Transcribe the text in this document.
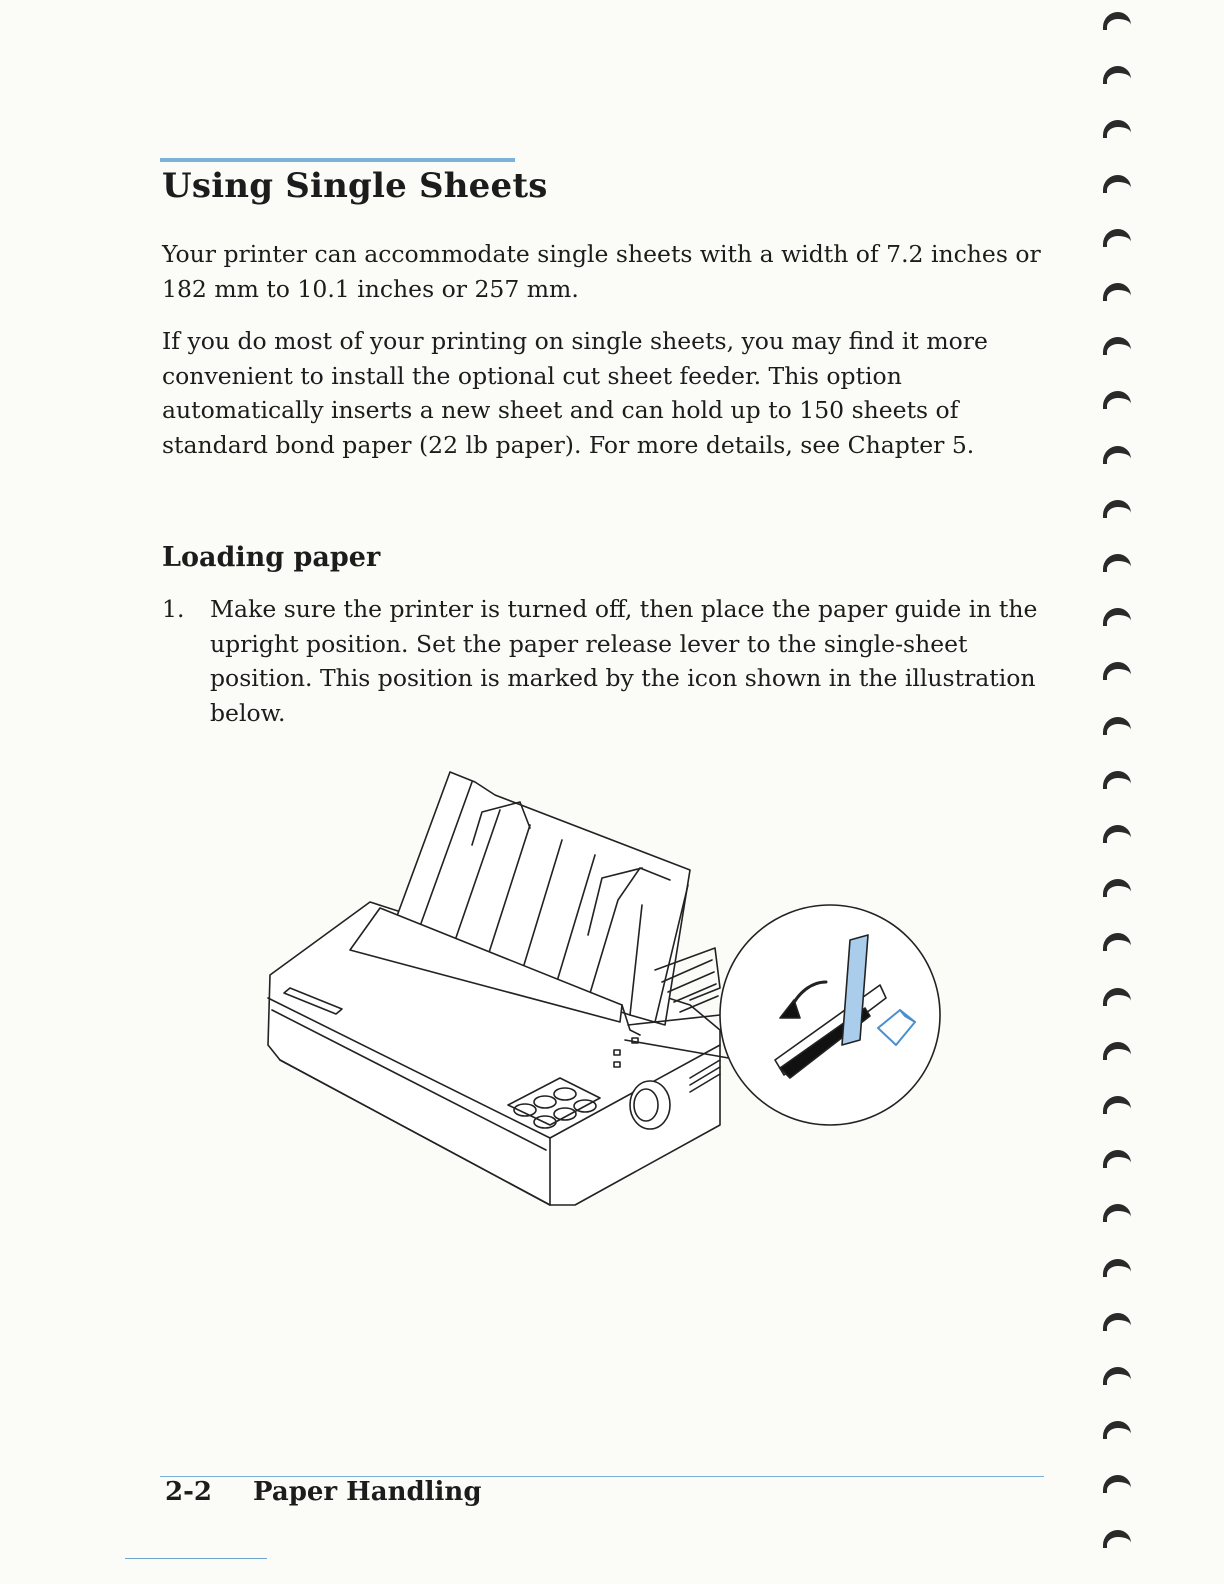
Using Single Sheets

Your printer can accommodate single sheets with a width of 7.2 inches or 182 mm to 10.1 inches or 257 mm.

If you do most of your printing on single sheets, you may find it more convenient to install the optional cut sheet feeder. This option automatically inserts a new sheet and can hold up to 150 sheets of standard bond paper (22 lb paper). For more details, see Chapter 5.

Loading paper
1. Make sure the printer is turned off, then place the paper guide in the upright position. Set the paper release lever to the single-sheet position. This position is marked by the icon shown in the illustration below.

2-2 Paper Handling
